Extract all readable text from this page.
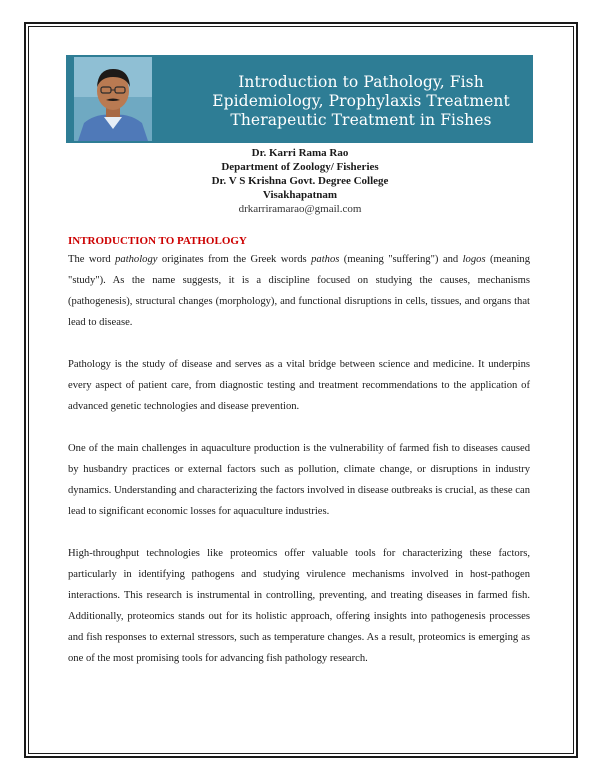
Introduction to Pathology, Fish
Epidemiology, Prophylaxis Treatment
Therapeutic Treatment in Fishes
Dr. Karri Rama Rao
Department of Zoology/ Fisheries
Dr. V S Krishna Govt. Degree College
Visakhapatnam
drkarriramarao@gmail.com
INTRODUCTION TO PATHOLOGY

The word pathology originates from the Greek words pathos (meaning "suffering") and logos (meaning "study"). As the name suggests, it is a discipline focused on studying the causes, mechanisms (pathogenesis), structural changes (morphology), and functional disruptions in cells, tissues, and organs that lead to disease.

Pathology is the study of disease and serves as a vital bridge between science and medicine. It underpins every aspect of patient care, from diagnostic testing and treatment recommendations to the application of advanced genetic technologies and disease prevention.

One of the main challenges in aquaculture production is the vulnerability of farmed fish to diseases caused by husbandry practices or external factors such as pollution, climate change, or disruptions in industry dynamics. Understanding and characterizing the factors involved in disease outbreaks is crucial, as these can lead to significant economic losses for aquaculture industries.

High-throughput technologies like proteomics offer valuable tools for characterizing these factors, particularly in identifying pathogens and studying virulence mechanisms involved in host-pathogen interactions. This research is instrumental in controlling, preventing, and treating diseases in farmed fish. Additionally, proteomics stands out for its holistic approach, offering insights into pathogenesis processes and fish responses to external stressors, such as temperature changes. As a result, proteomics is emerging as one of the most promising tools for advancing fish pathology research.
